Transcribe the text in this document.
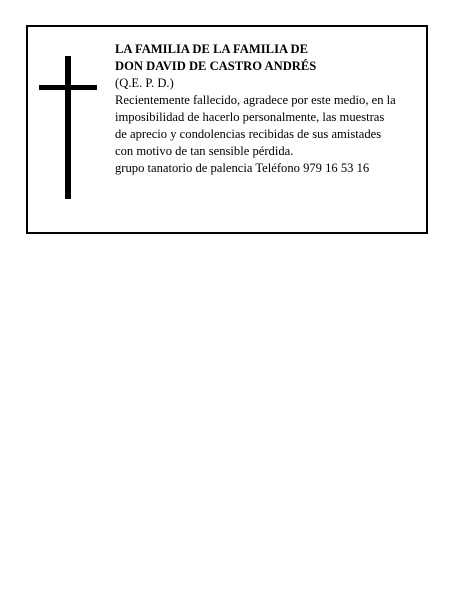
LA FAMILIA DE LA FAMILIA DE
DON DAVID DE CASTRO ANDRÉS
(Q.E. P. D.)
Recientemente fallecido, agradece por este medio, en la
imposibilidad de hacerlo personalmente, las muestras
de aprecio y condolencias recibidas de sus amistades
con motivo de tan sensible pérdida.
grupo tanatorio de palencia Teléfono 979 16 53 16
